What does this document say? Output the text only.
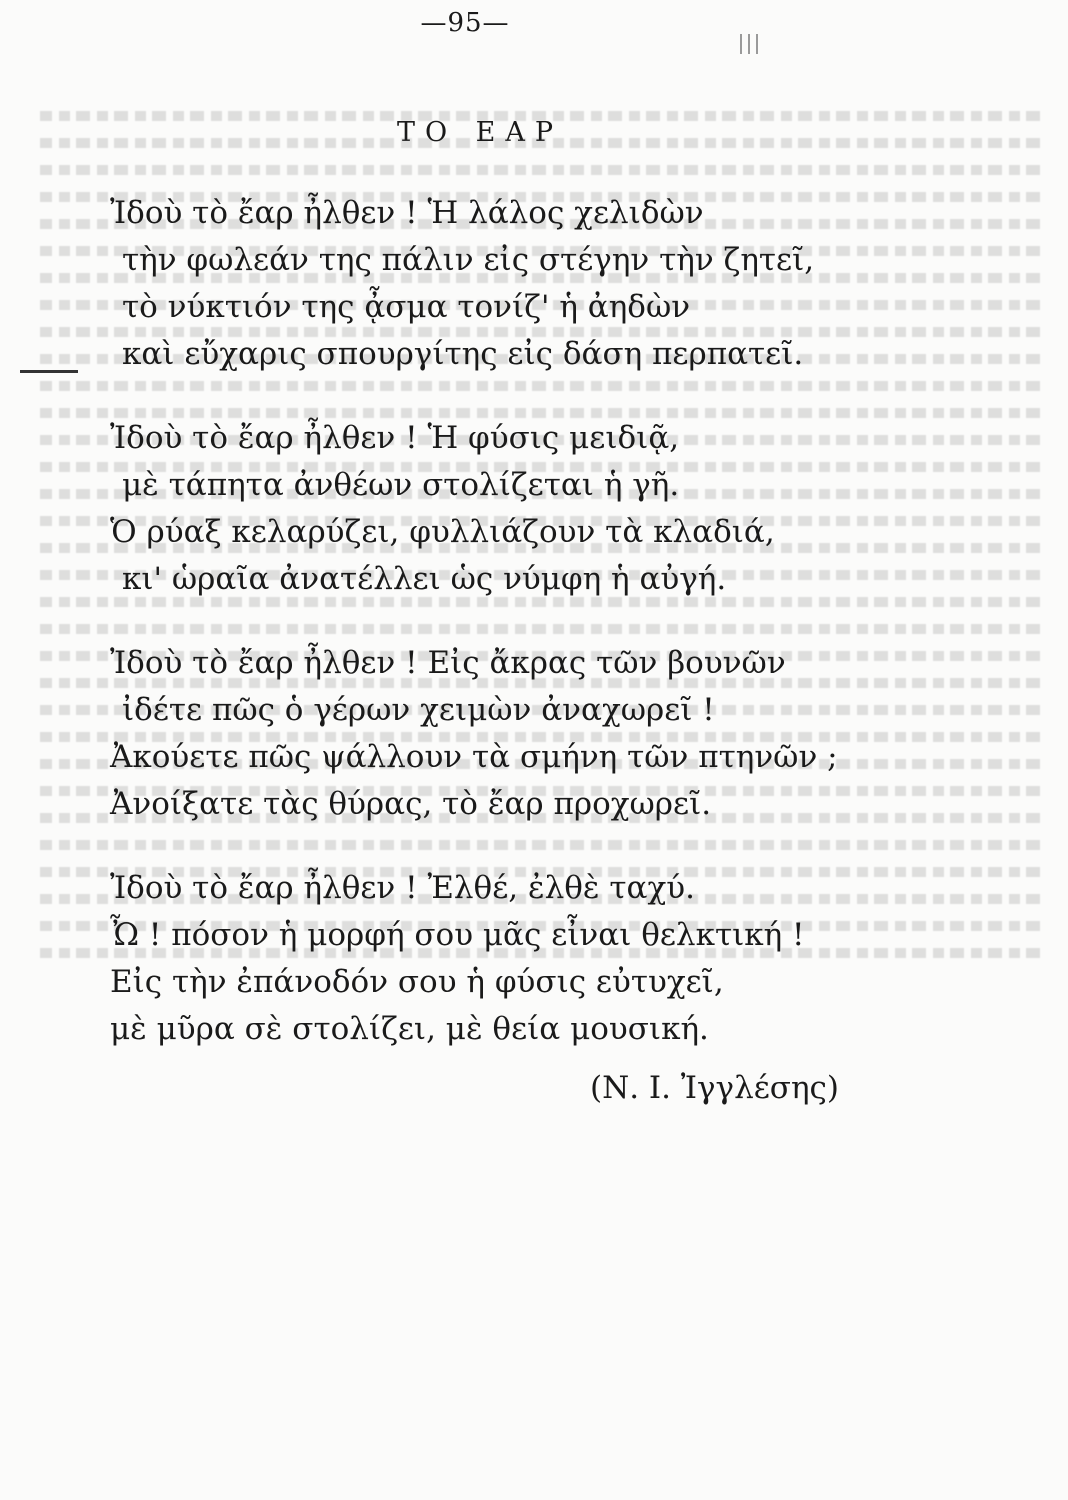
—95—
ΤΟ ΕΑΡ
Ἰδοὺ τὸ ἔαρ ἦλθεν ! Ἡ λάλος χελιδὼν
τὴν φωλεάν της πάλιν εἰς στέγην τὴν ζητεῖ,
τὸ νύκτιόν της ᾆσμα τονίζ' ἡ ἀηδὼν
καὶ εὔχαρις σπουργίτης εἰς δάση περπατεῖ.
Ἰδοὺ τὸ ἔαρ ἦλθεν ! Ἡ φύσις μειδιᾷ,
μὲ τάπητα ἀνθέων στολίζεται ἡ γῆ.
Ὁ ρύαξ κελαρύζει, φυλλιάζουν τὰ κλαδιά,
κι' ὡραῖα ἀνατέλλει ὡς νύμφη ἡ αὐγή.
Ἰδοὺ τὸ ἔαρ ἦλθεν ! Εἰς ἄκρας τῶν βουνῶν
ἰδέτε πῶς ὁ γέρων χειμὼν ἀναχωρεῖ !
Ἀκούετε πῶς ψάλλουν τὰ σμήνη τῶν πτηνῶν ;
Ἀνοίξατε τὰς θύρας, τὸ ἔαρ προχωρεῖ.
Ἰδοὺ τὸ ἔαρ ἦλθεν ! Ἐλθέ, ἐλθὲ ταχύ.
Ὦ ! πόσον ἡ μορφή σου μᾶς εἶναι θελκτική !
Εἰς τὴν ἐπάνοδόν σου ἡ φύσις εὐτυχεῖ,
μὲ μῦρα σὲ στολίζει, μὲ θεία μουσική.
(Ν. Ι. Ἰγγλέσης)
